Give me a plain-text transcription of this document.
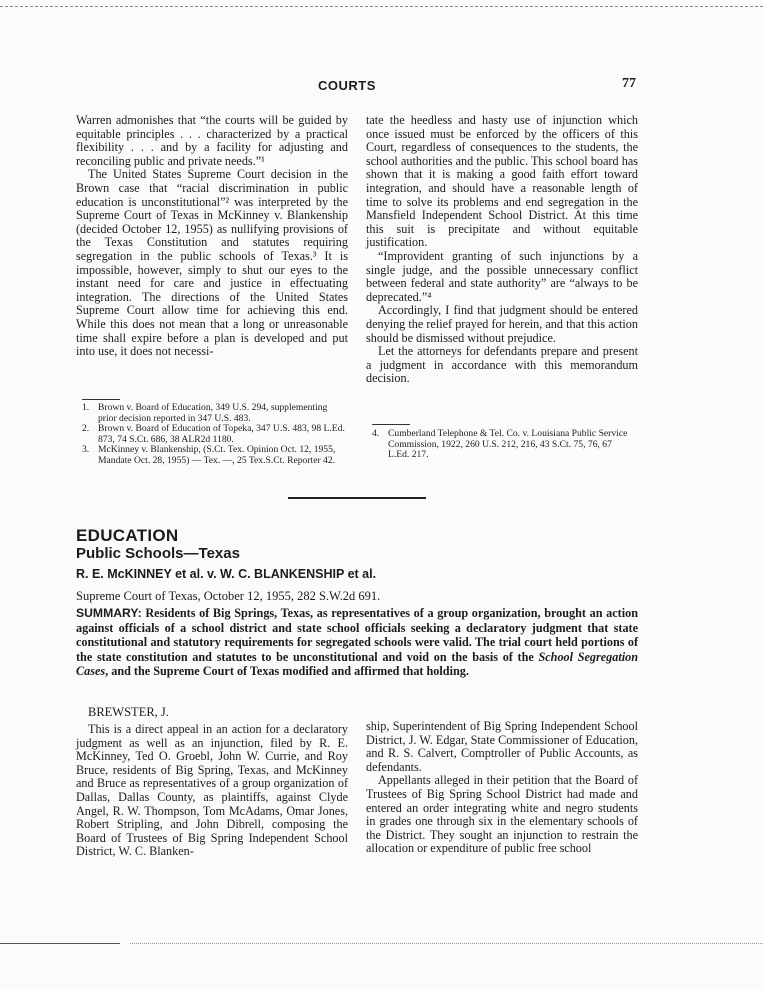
COURTS	77

Warren admonishes that “the courts will be guided by equitable principles . . . characterized by a practical flexibility . . . and by a facility for adjusting and reconciling public and private needs.”¹

The United States Supreme Court decision in the Brown case that “racial discrimination in public education is unconstitutional”² was interpreted by the Supreme Court of Texas in McKinney v. Blankenship (decided October 12, 1955) as nullifying provisions of the Texas Constitution and statutes requiring segregation in the public schools of Texas.³ It is impossible, however, simply to shut our eyes to the instant need for care and justice in effectuating integration. The directions of the United States Supreme Court allow time for achieving this end. While this does not mean that a long or unreasonable time shall expire before a plan is developed and put into use, it does not necessi-

tate the heedless and hasty use of injunction which once issued must be enforced by the officers of this Court, regardless of consequences to the students, the school authorities and the public. This school board has shown that it is making a good faith effort toward integration, and should have a reasonable length of time to solve its problems and end segregation in the Mansfield Independent School District. At this time this suit is precipitate and without equitable justification.

“Improvident granting of such injunctions by a single judge, and the possible unnecessary conflict between federal and state authority” are “always to be deprecated.”⁴

Accordingly, I find that judgment should be entered denying the relief prayed for herein, and that this action should be dismissed without prejudice.

Let the attorneys for defendants prepare and present a judgment in accordance with this memorandum decision.

1. Brown v. Board of Education, 349 U.S. 294, supplementing prior decision reported in 347 U.S. 483.
2. Brown v. Board of Education of Topeka, 347 U.S. 483, 98 L.Ed. 873, 74 S.Ct. 686, 38 ALR2d 1180.
3. McKinney v. Blankenship, (S.Ct. Tex. Opinion Oct. 12, 1955, Mandate Oct. 28, 1955) — Tex. —, 25 Tex.S.Ct. Reporter 42.
4. Cumberland Telephone & Tel. Co. v. Louisiana Public Service Commission, 1922, 260 U.S. 212, 216, 43 S.Ct. 75, 76, 67 L.Ed. 217.
EDUCATION
Public Schools—Texas
R. E. McKINNEY et al. v. W. C. BLANKENSHIP et al.
Supreme Court of Texas, October 12, 1955, 282 S.W.2d 691.
SUMMARY: Residents of Big Springs, Texas, as representatives of a group organization, brought an action against officials of a school district and state school officials seeking a declaratory judgment that state constitutional and statutory requirements for segregated schools were valid. The trial court held portions of the state constitution and statutes to be unconstitutional and void on the basis of the School Segregation Cases, and the Supreme Court of Texas modified and affirmed that holding.
BREWSTER, J.

This is a direct appeal in an action for a declaratory judgment as well as an injunction, filed by R. E. McKinney, Ted O. Groebl, John W. Currie, and Roy Bruce, residents of Big Spring, Texas, and McKinney and Bruce as representatives of a group organization of Dallas, Dallas County, as plaintiffs, against Clyde Angel, R. W. Thompson, Tom McAdams, Omar Jones, Robert Stripling, and John Dibrell, composing the Board of Trustees of Big Spring Independent School District, W. C. Blanken-

ship, Superintendent of Big Spring Independent School District, J. W. Edgar, State Commissioner of Education, and R. S. Calvert, Comptroller of Public Accounts, as defendants.

Appellants alleged in their petition that the Board of Trustees of Big Spring School District had made and entered an order integrating white and negro students in grades one through six in the elementary schools of the District. They sought an injunction to restrain the allocation or expenditure of public free school
